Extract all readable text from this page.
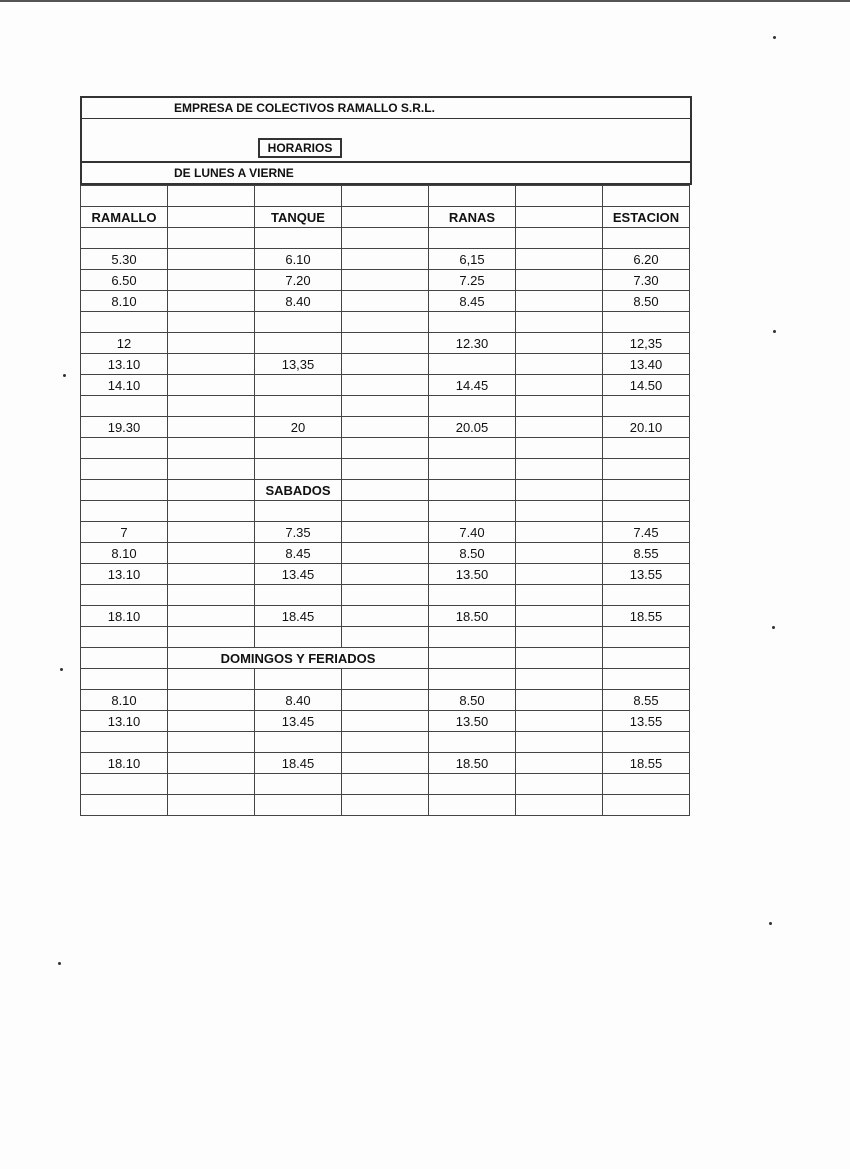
EMPRESA DE COLECTIVOS RAMALLO S.R.L.
HORARIOS
DE LUNES A VIERNE

RAMALLO		TANQUE		RANAS		ESTACION

5.30		6.10		6,15		6.20
6.50		7.20		7.25		7.30
8.10		8.40		8.45		8.50

12				12.30		12,35
13.10		13,35				13.40
14.10				14.45		14.50

19.30		20		20.05		20.10

		SABADOS				

7		7.35		7.40		7.45
8.10		8.45		8.50		8.55
13.10		13.45		13.50		13.55

18.10		18.45		18.50		18.55

	DOMINGOS Y FERIADOS					

8.10		8.40		8.50		8.55
13.10		13.45		13.50		13.55

18.10		18.45		18.50		18.55
